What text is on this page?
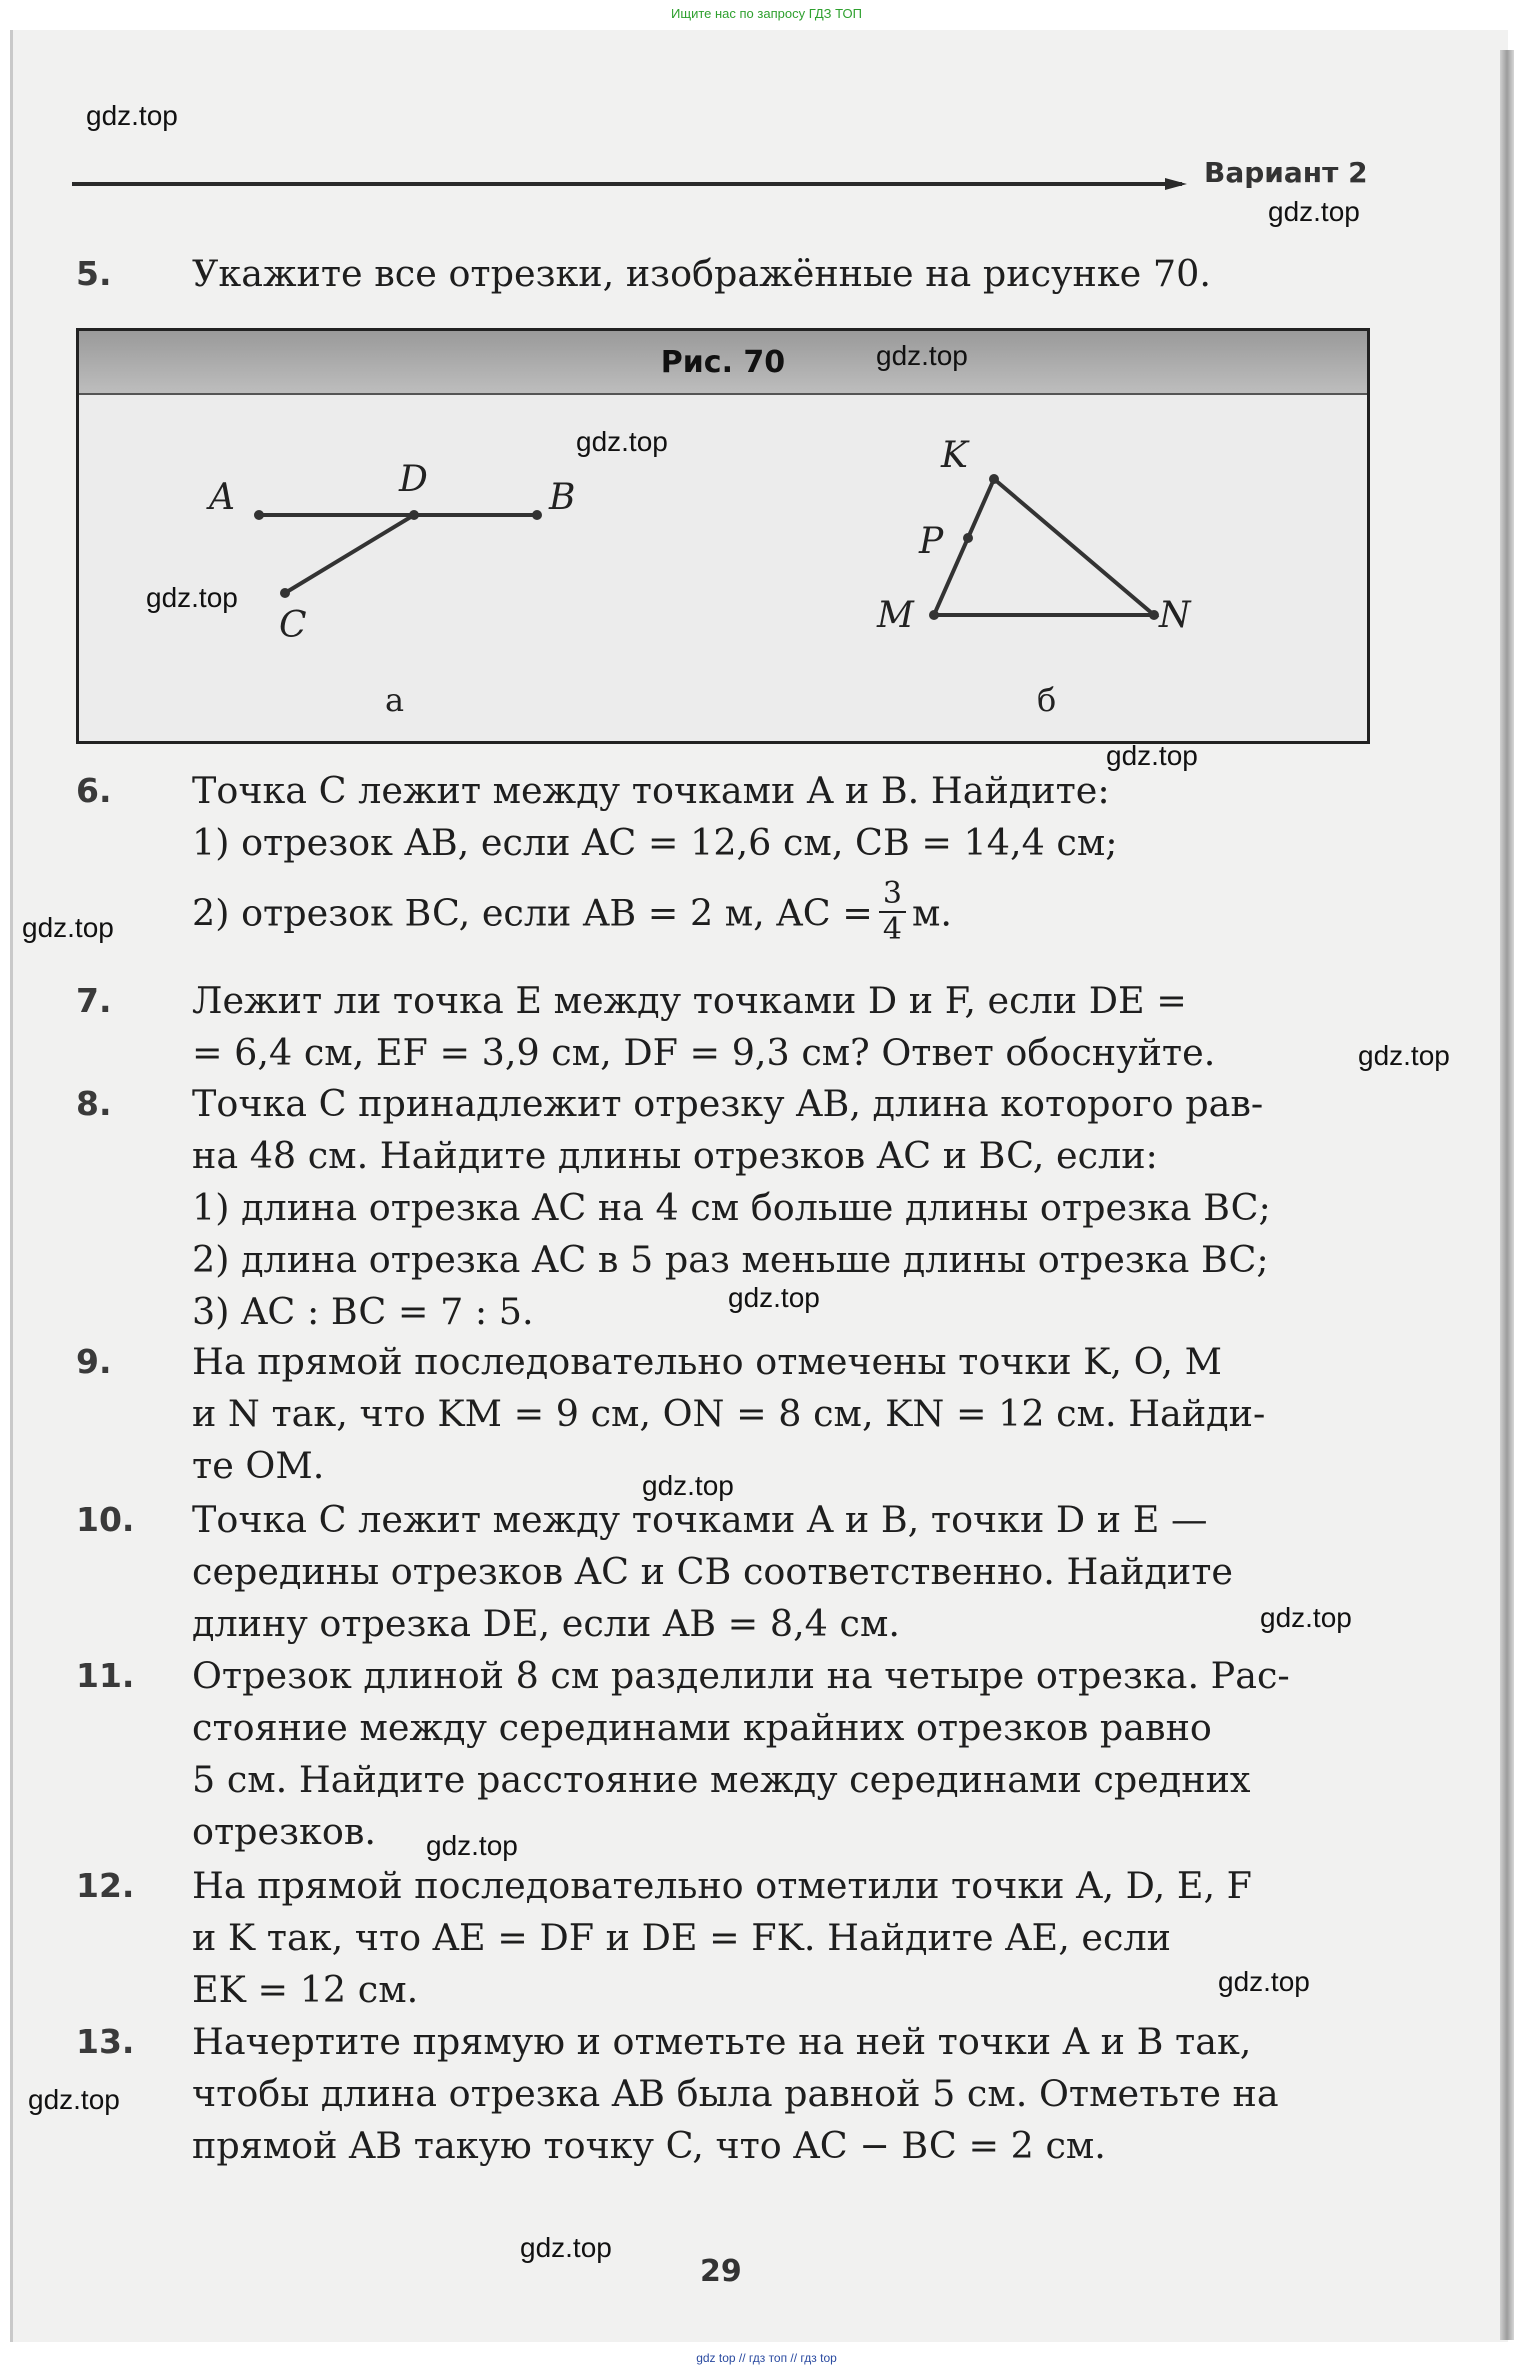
Ищите нас по запросу ГДЗ ТОП
Вариант 2
5. Укажите все отрезки, изображённые на рисунке 70.
Рис. 70
A	D	B
C
а
K
P
M	N
б
6. Точка C лежит между точками A и B. Найдите:
1) отрезок AB, если AC = 12,6 см, CB = 14,4 см;
2) отрезок BC, если AB = 2 м, AC = $\frac{3}{4} м$.
7. Лежит ли точка E между точками D и F, если DE =
= 6,4 см, EF = 3,9 см, DF = 9,3 см? Ответ обоснуйте.
8. Точка C принадлежит отрезку AB, длина которого рав-
на 48 см. Найдите длины отрезков AC и BC, если:
1) длина отрезка AC на 4 см больше длины отрезка BC;
2) длина отрезка AC в 5 раз меньше длины отрезка BC;
3) AC : BC = 7 : 5.
9. На прямой последовательно отмечены точки K, O, M
и N так, что KM = 9 см, ON = 8 см, KN = 12 см. Найди-
те OM.
10. Точка C лежит между точками A и B, точки D и E —
середины отрезков AC и CB соответственно. Найдите
длину отрезка DE, если AB = 8,4 см.
11. Отрезок длиной 8 см разделили на четыре отрезка. Рас-
стояние между серединами крайних отрезков равно
5 см. Найдите расстояние между серединами средних
отрезков.
12. На прямой последовательно отметили точки A, D, E, F
и K так, что AE = DF и DE = FK. Найдите AE, если
EK = 12 см.
13. Начертите прямую и отметьте на ней точки A и B так,
чтобы длина отрезка AB была равной 5 см. Отметьте на
прямой AB такую точку C, что AC − BC = 2 см.
29
gdz.top
gdz.top
gdz.top
gdz.top
gdz.top
gdz.top
gdz.top
gdz.top
gdz.top
gdz.top
gdz.top
gdz.top
gdz.top
gdz.top
gdz.top
gdz top // гдз топ // гдз top
